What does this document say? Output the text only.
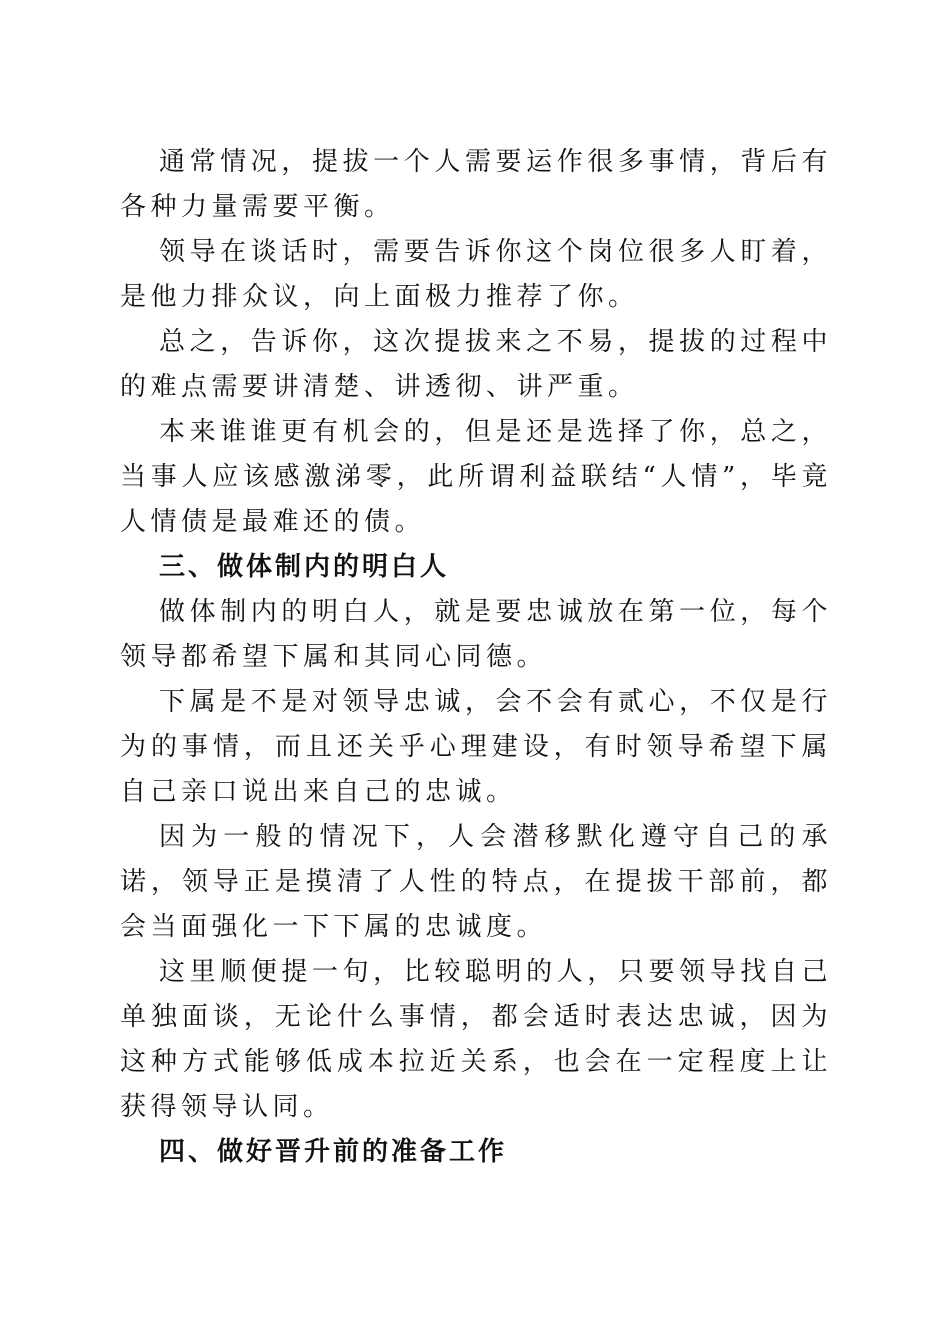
通常情况，提拔一个人需要运作很多事情，背后有各种力量需要平衡。

领导在谈话时，需要告诉你这个岗位很多人盯着，是他力排众议，向上面极力推荐了你。

总之，告诉你，这次提拔来之不易，提拔的过程中的难点需要讲清楚、讲透彻、讲严重。

本来谁谁更有机会的，但是还是选择了你，总之，当事人应该感激涕零，此所谓利益联结“人情”，毕竟人情债是最难还的债。

三、做体制内的明白人

做体制内的明白人，就是要忠诚放在第一位，每个领导都希望下属和其同心同德。

下属是不是对领导忠诚，会不会有贰心，不仅是行为的事情，而且还关乎心理建设，有时领导希望下属自己亲口说出来自己的忠诚。

因为一般的情况下，人会潜移默化遵守自己的承诺，领导正是摸清了人性的特点，在提拔干部前，都会当面强化一下下属的忠诚度。

这里顺便提一句，比较聪明的人，只要领导找自己单独面谈，无论什么事情，都会适时表达忠诚，因为这种方式能够低成本拉近关系，也会在一定程度上让获得领导认同。

四、做好晋升前的准备工作
